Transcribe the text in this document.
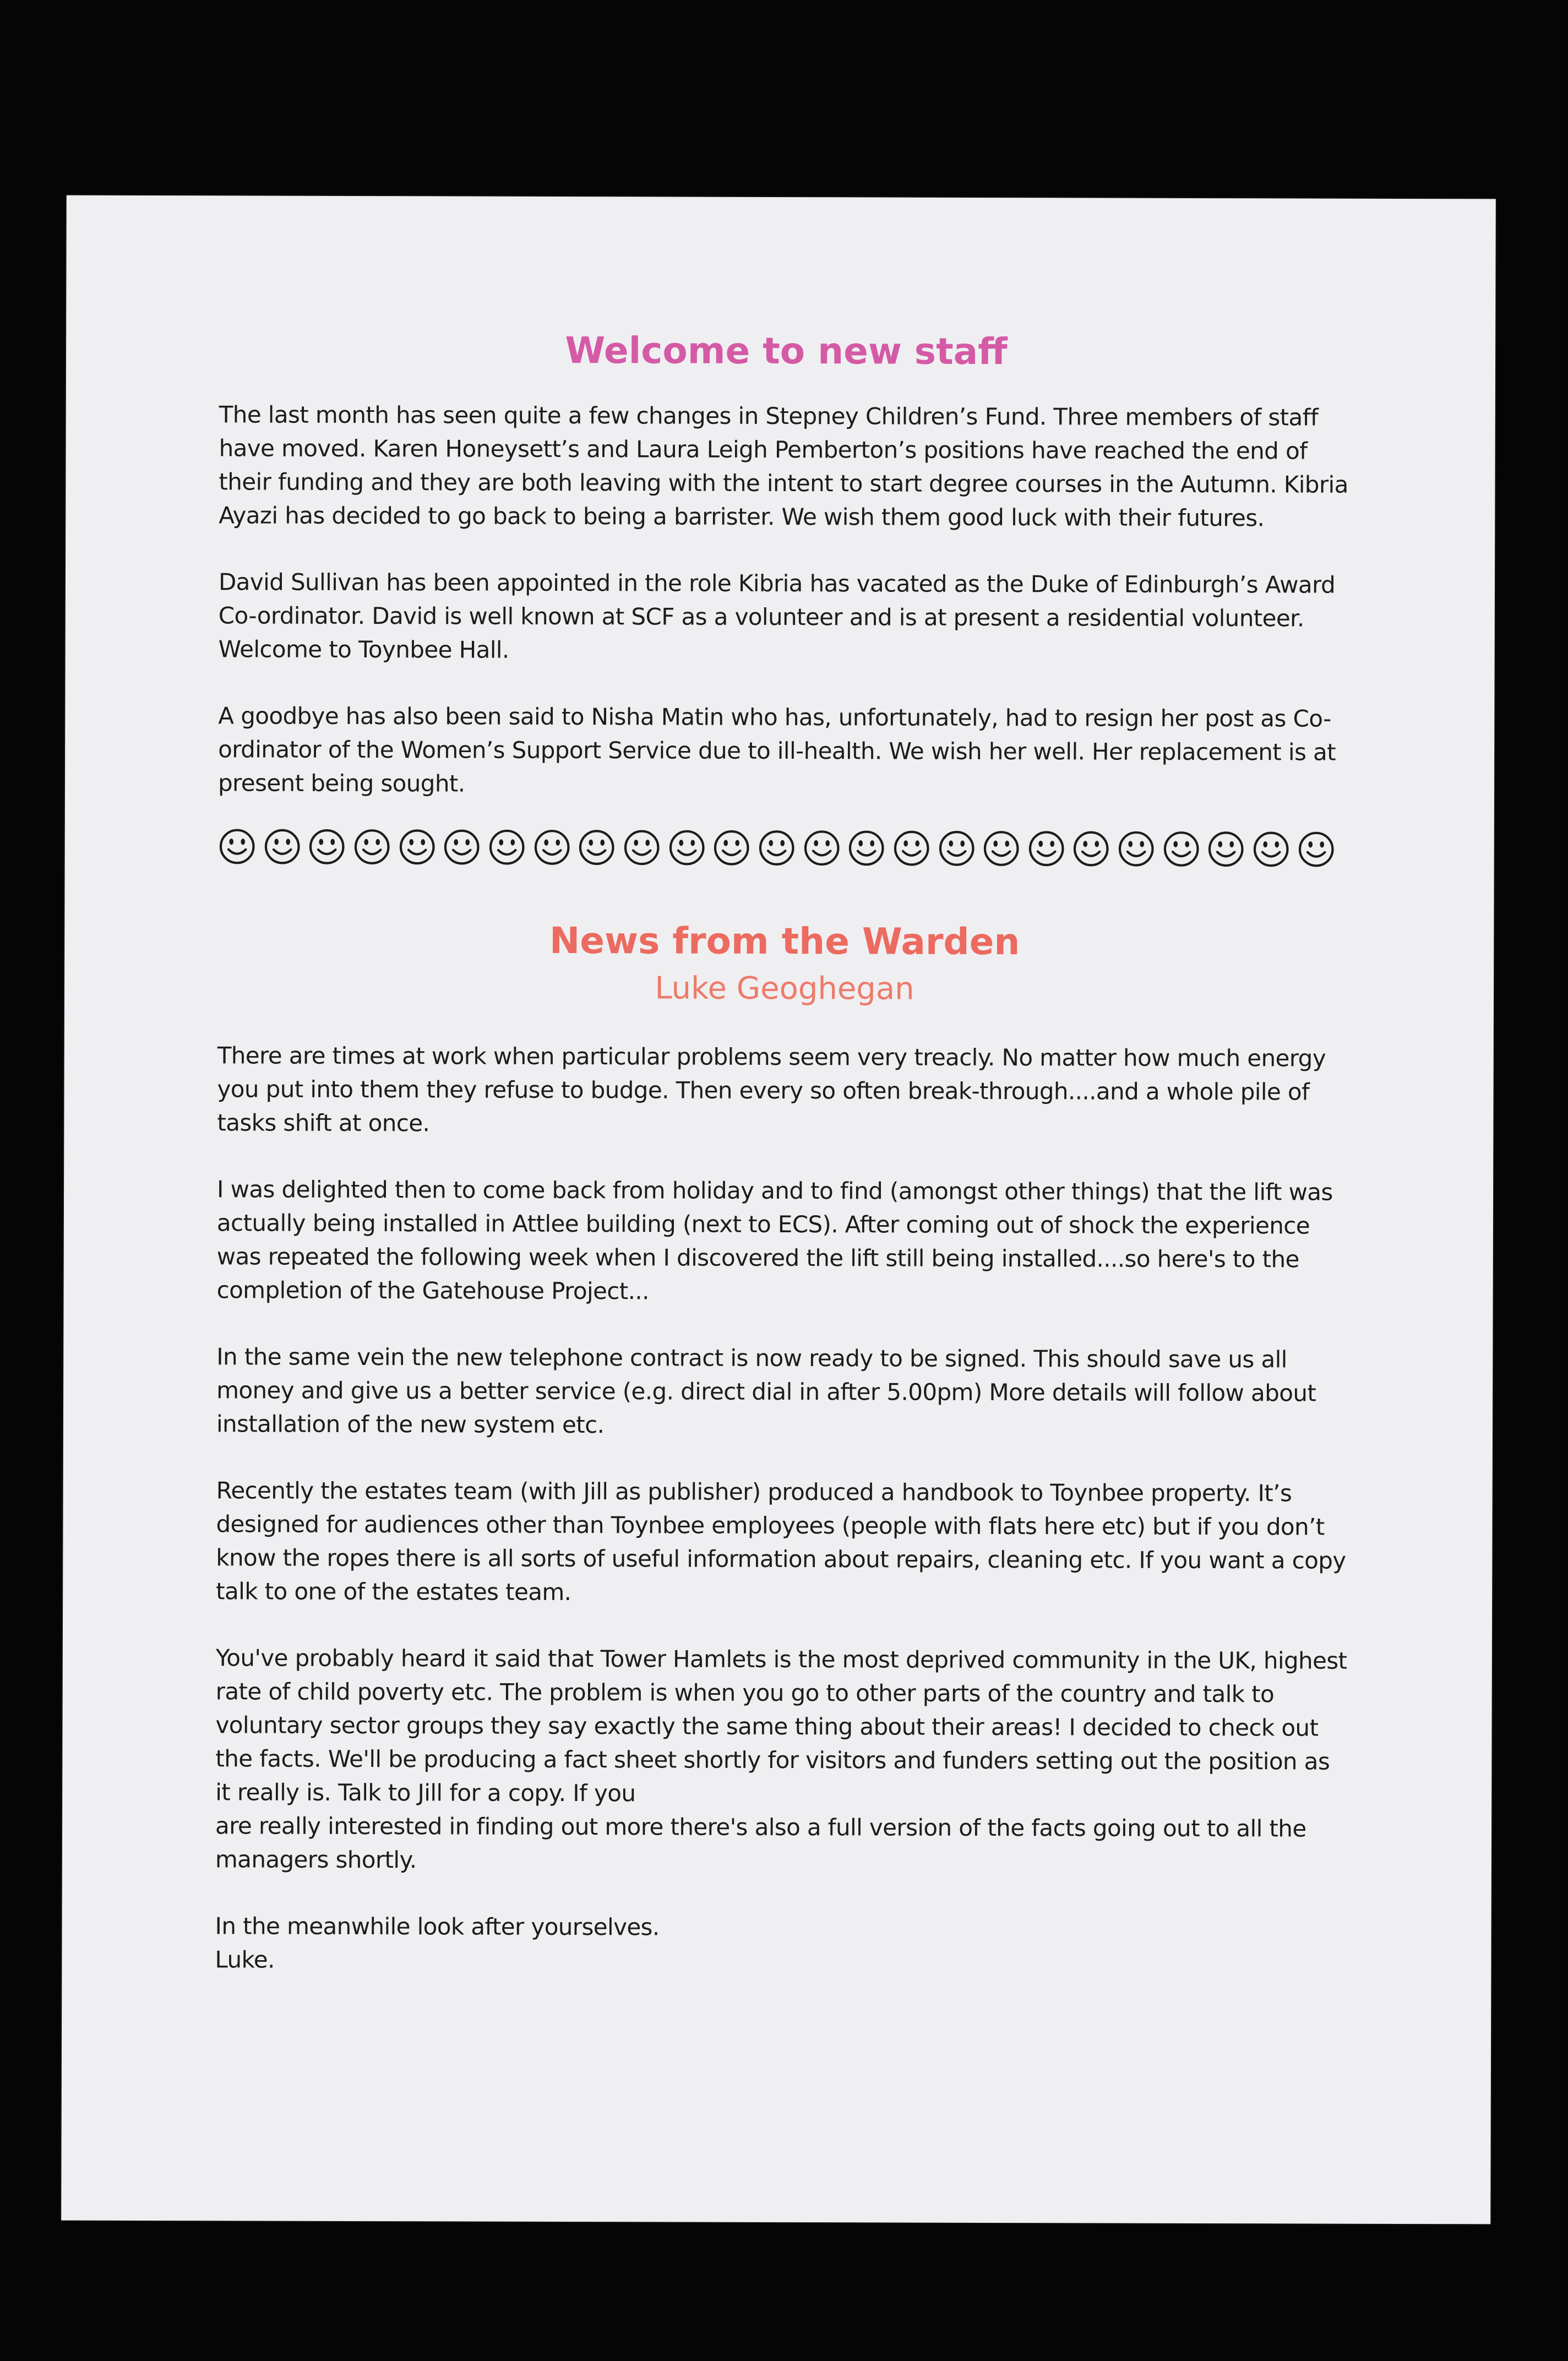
Welcome to new staff

The last month has seen quite a few changes in Stepney Children’s Fund. Three members of staff have moved. Karen Honeysett’s and Laura Leigh Pemberton’s positions have reached the end of their funding and they are both leaving with the intent to start degree courses in the Autumn. Kibria Ayazi has decided to go back to being a barrister. We wish them good luck with their futures.

David Sullivan has been appointed in the role Kibria has vacated as the Duke of Edinburgh’s Award Co-ordinator. David is well known at SCF as a volunteer and is at present a residential volunteer. Welcome to Toynbee Hall.

A goodbye has also been said to Nisha Matin who has, unfortunately, had to resign her post as Co-ordinator of the Women’s Support Service due to ill-health. We wish her well. Her replacement is at present being sought.

News from the Warden
Luke Geoghegan

There are times at work when particular problems seem very treacly. No matter how much energy you put into them they refuse to budge. Then every so often break-through....and a whole pile of tasks shift at once.

I was delighted then to come back from holiday and to find (amongst other things) that the lift was actually being installed in Attlee building (next to ECS). After coming out of shock the experience was repeated the following week when I discovered the lift still being installed....so here's to the completion of the Gatehouse Project...

In the same vein the new telephone contract is now ready to be signed. This should save us all money and give us a better service (e.g. direct dial in after 5.00pm) More details will follow about installation of the new system etc.

Recently the estates team (with Jill as publisher) produced a handbook to Toynbee property. It’s designed for audiences other than Toynbee employees (people with flats here etc) but if you don’t know the ropes there is all sorts of useful information about repairs, cleaning etc. If you want a copy talk to one of the estates team.

You've probably heard it said that Tower Hamlets is the most deprived community in the UK, highest rate of child poverty etc. The problem is when you go to other parts of the country and talk to voluntary sector groups they say exactly the same thing about their areas! I decided to check out the facts. We'll be producing a fact sheet shortly for visitors and funders setting out the position as it really is. Talk to Jill for a copy. If you

are really interested in finding out more there's also a full version of the facts going out to all the managers shortly.

In the meanwhile look after yourselves.

Luke.
